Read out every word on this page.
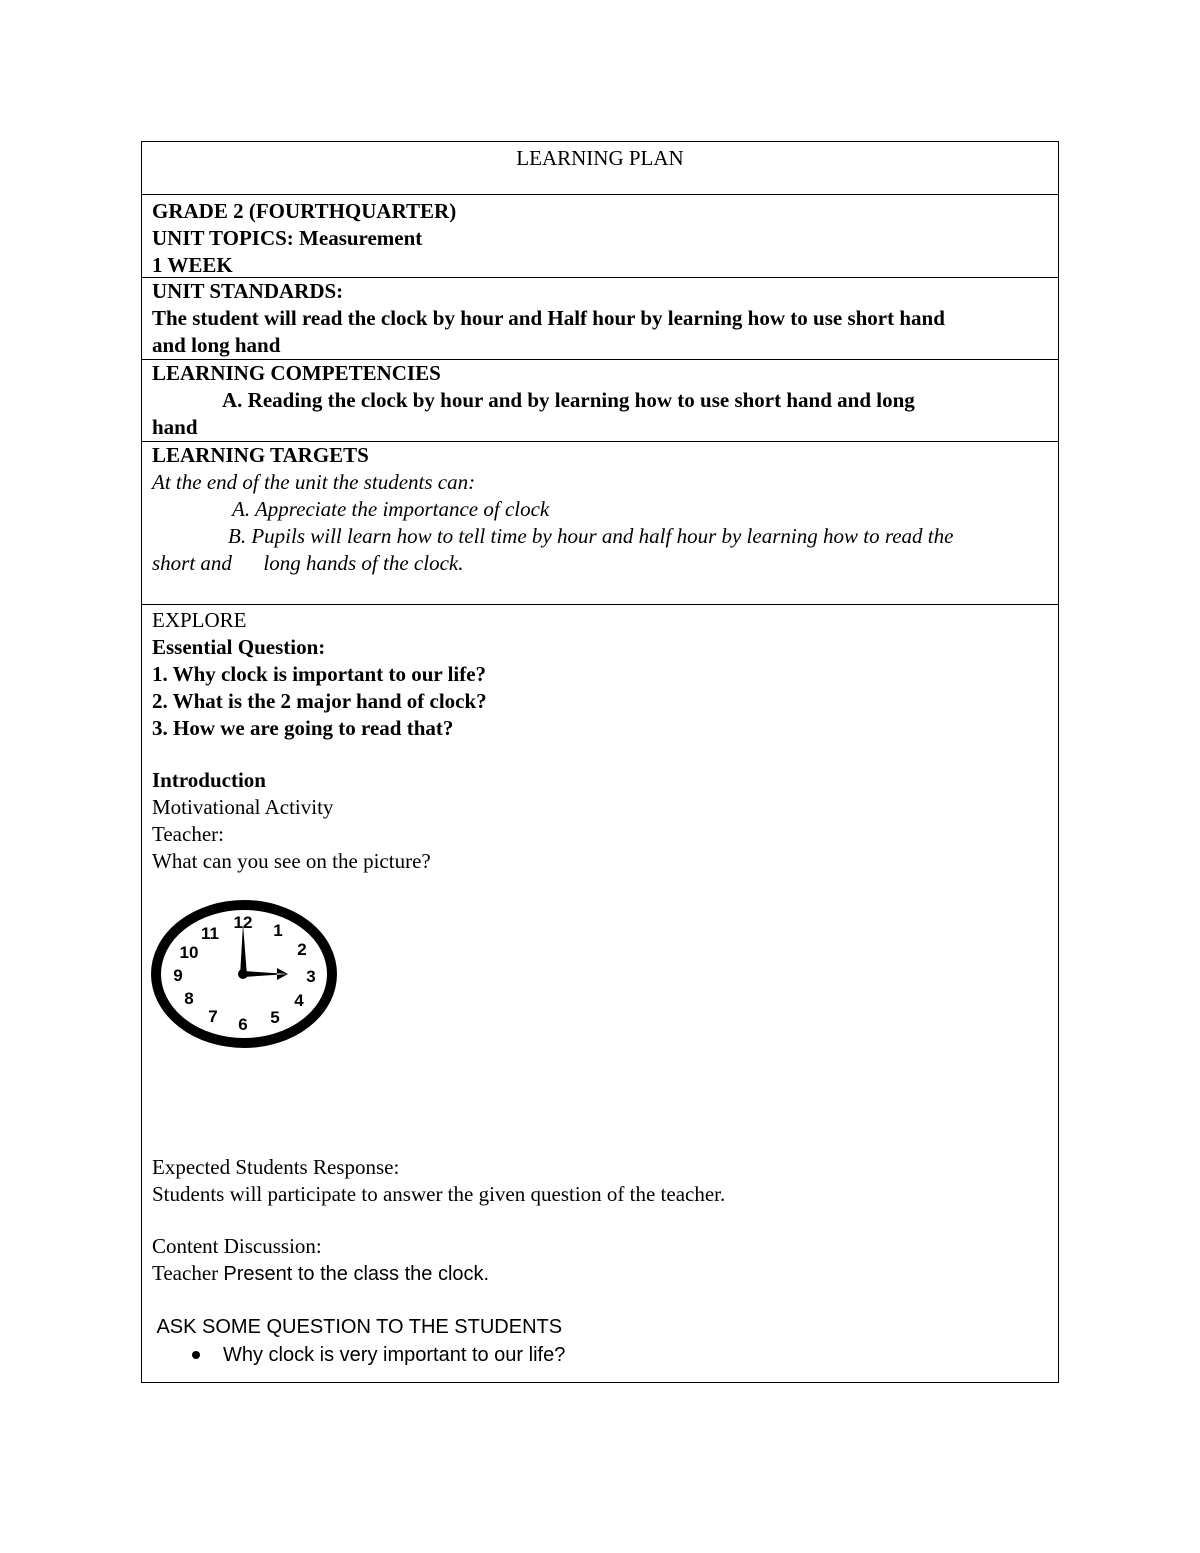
LEARNING PLAN
GRADE 2 (FOURTHQUARTER)
UNIT TOPICS: Measurement
1 WEEK
UNIT STANDARDS:
The student will read the clock by hour and Half hour by learning how to use short hand
and long hand
LEARNING COMPETENCIES
A. Reading the clock by hour and by learning how to use short hand and long
hand
LEARNING TARGETS
At the end of the unit the students can:
A. Appreciate the importance of clock
B. Pupils will learn how to tell time by hour and half hour by learning how to read the
short and      long hands of the clock.
EXPLORE
Essential Question:
1. Why clock is important to our life?
2. What is the 2 major hand of clock?
3. How we are going to read that?
Introduction
Motivational Activity
Teacher:
What can you see on the picture?
12 1
2
3
4
5
6
7
8
9
10
11
Expected Students Response:
Students will participate to answer the given question of the teacher.
Content Discussion:
Teacher Present to the class the clock.
ASK SOME QUESTION TO THE STUDENTS
Why clock is very important to our life?
